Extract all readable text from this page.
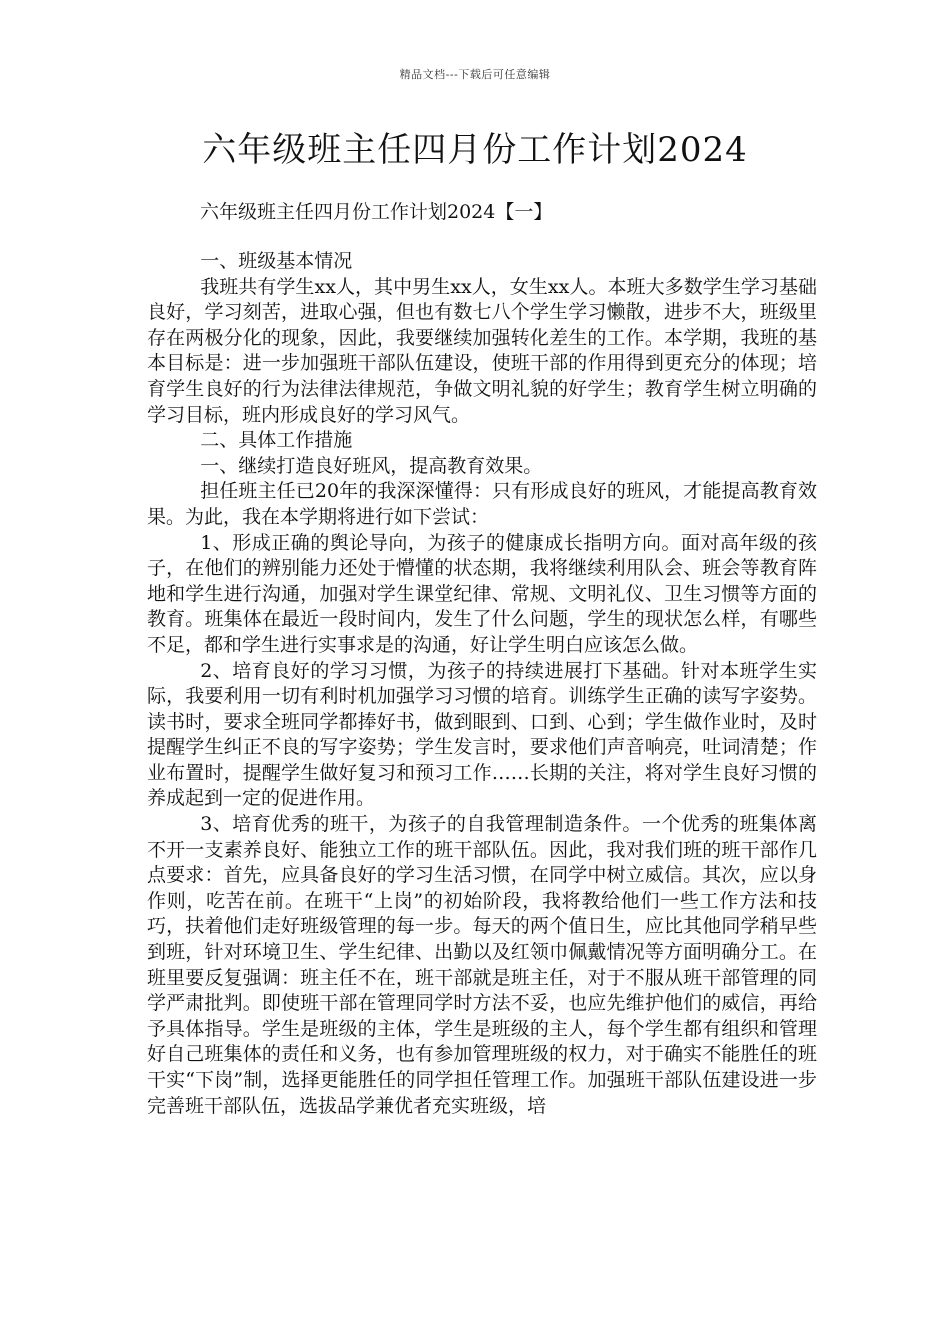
精品文档---下载后可任意编辑
六年级班主任四月份工作计划2024

六年级班主任四月份工作计划2024【一】

一、班级基本情况

我班共有学生xx人，其中男生xx人，女生xx人。本班大多数学生学习基础良好，学习刻苦，进取心强，但也有数七八个学生学习懒散，进步不大，班级里存在两极分化的现象，因此，我要继续加强转化差生的工作。本学期，我班的基本目标是：进一步加强班干部队伍建设，使班干部的作用得到更充分的体现；培育学生良好的行为法律法律规范，争做文明礼貌的好学生；教育学生树立明确的学习目标，班内形成良好的学习风气。

二、具体工作措施

一、继续打造良好班风，提高教育效果。

担任班主任已20年的我深深懂得：只有形成良好的班风，才能提高教育效果。为此，我在本学期将进行如下尝试：

1、形成正确的舆论导向，为孩子的健康成长指明方向。面对高年级的孩子，在他们的辨别能力还处于懵懂的状态期，我将继续利用队会、班会等教育阵地和学生进行沟通，加强对学生课堂纪律、常规、文明礼仪、卫生习惯等方面的教育。班集体在最近一段时间内，发生了什么问题，学生的现状怎么样，有哪些不足，都和学生进行实事求是的沟通，好让学生明白应该怎么做。

2、培育良好的学习习惯，为孩子的持续进展打下基础。针对本班学生实际，我要利用一切有利时机加强学习习惯的培育。训练学生正确的读写字姿势。读书时，要求全班同学都捧好书，做到眼到、口到、心到；学生做作业时，及时提醒学生纠正不良的写字姿势；学生发言时，要求他们声音响亮，吐词清楚；作业布置时，提醒学生做好复习和预习工作……长期的关注，将对学生良好习惯的养成起到一定的促进作用。

3、培育优秀的班干，为孩子的自我管理制造条件。一个优秀的班集体离不开一支素养良好、能独立工作的班干部队伍。因此，我对我们班的班干部作几点要求：首先，应具备良好的学习生活习惯，在同学中树立威信。其次，应以身作则，吃苦在前。在班干“上岗”的初始阶段，我将教给他们一些工作方法和技巧，扶着他们走好班级管理的每一步。每天的两个值日生，应比其他同学稍早些到班，针对环境卫生、学生纪律、出勤以及红领巾佩戴情况等方面明确分工。在班里要反复强调：班主任不在，班干部就是班主任，对于不服从班干部管理的同学严肃批判。即使班干部在管理同学时方法不妥，也应先维护他们的威信，再给予具体指导。学生是班级的主体，学生是班级的主人，每个学生都有组织和管理好自己班集体的责任和义务，也有参加管理班级的权力，对于确实不能胜任的班干实“下岗”制，选择更能胜任的同学担任管理工作。加强班干部队伍建设进一步完善班干部队伍，选拔品学兼优者充实班级，培
